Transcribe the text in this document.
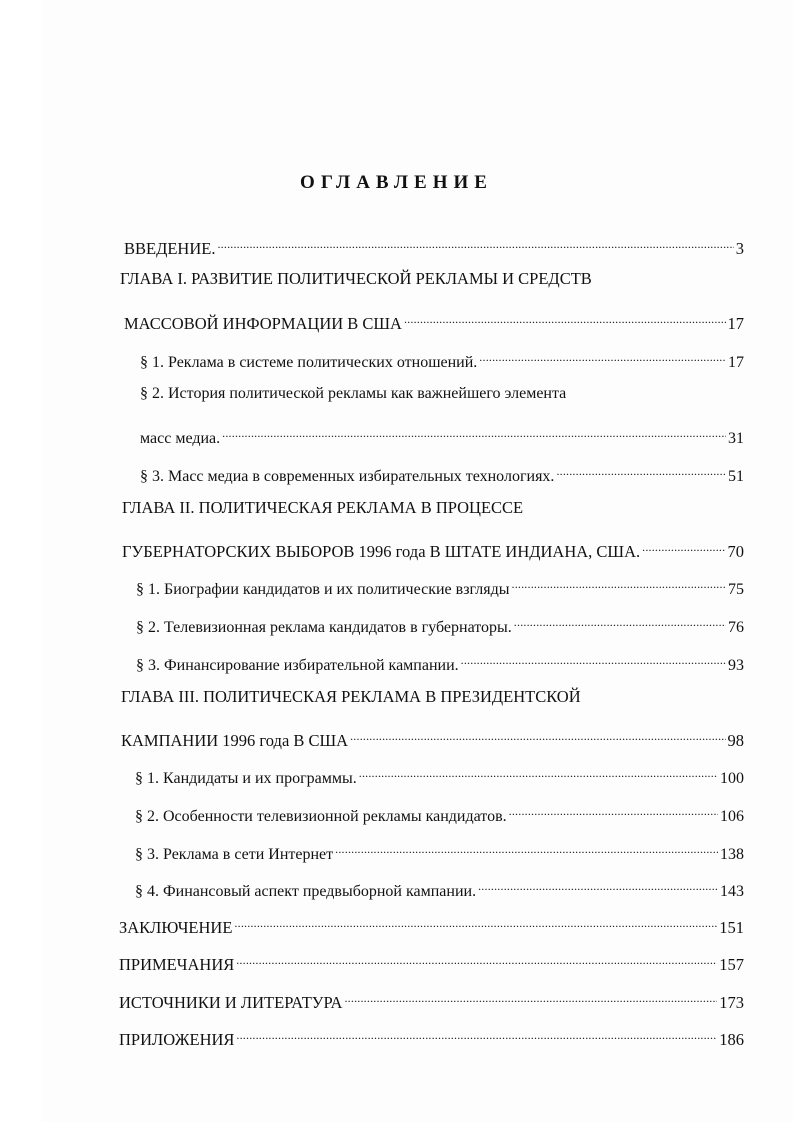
ОГЛАВЛЕНИЕ
ВВЕДЕНИЕ. .....	3
ГЛАВА I. РАЗВИТИЕ ПОЛИТИЧЕСКОЙ РЕКЛАМЫ И СРЕДСТВ
МАССОВОЙ ИНФОРМАЦИИ В США .....	17
§ 1. Реклама в системе политических отношений. .....	17
§ 2. История политической рекламы как важнейшего элемента
масс медиа. .....	31
§ 3. Масс медиа в современных избирательных технологиях. .....	51
ГЛАВА II. ПОЛИТИЧЕСКАЯ РЕКЛАМА В ПРОЦЕССЕ
ГУБЕРНАТОРСКИХ ВЫБОРОВ 1996 года В ШТАТЕ ИНДИАНА, США. .....	70
§ 1. Биографии кандидатов и их политические взгляды .....	75
§ 2. Телевизионная реклама кандидатов в губернаторы. .....	76
§ 3. Финансирование избирательной кампании. .....	93
ГЛАВА III. ПОЛИТИЧЕСКАЯ РЕКЛАМА В ПРЕЗИДЕНТСКОЙ
КАМПАНИИ 1996 года В США .....	98
§ 1. Кандидаты и их программы. .....	100
§ 2. Особенности телевизионной рекламы кандидатов. .....	106
§ 3. Реклама в сети Интернет .....	138
§ 4. Финансовый аспект предвыборной кампании. .....	143
ЗАКЛЮЧЕНИЕ .....	151
ПРИМЕЧАНИЯ .....	157
ИСТОЧНИКИ И ЛИТЕРАТУРА .....	173
ПРИЛОЖЕНИЯ .....	186
